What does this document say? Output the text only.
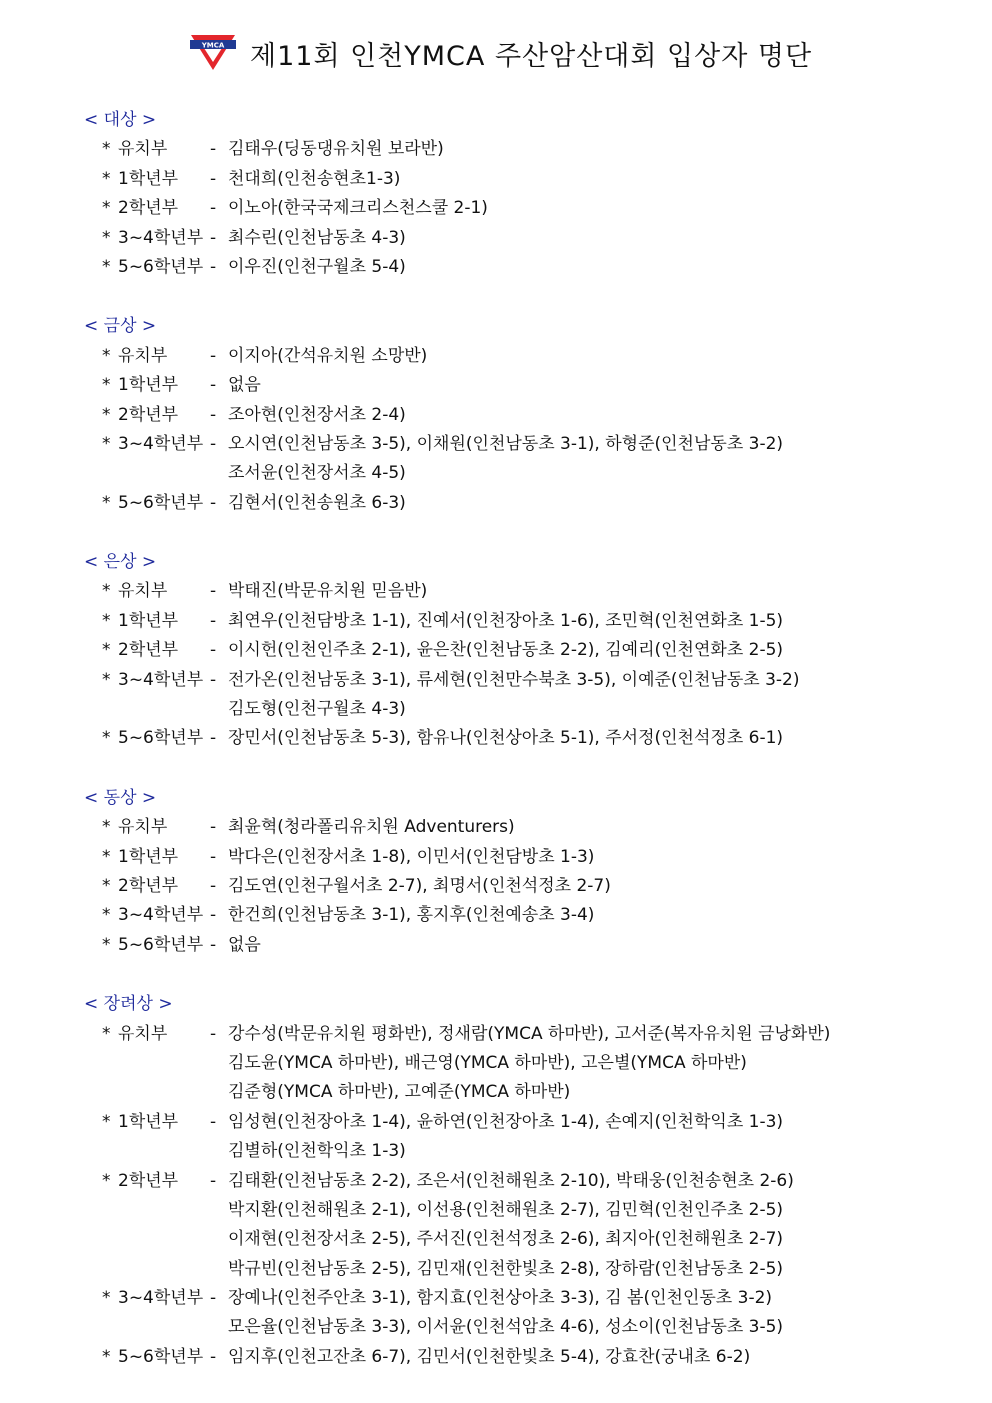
YMCA 제11회 인천YMCA 주산암산대회 입상자 명단
< 대상 >
* 유치부	- 김태우(딩동댕유치원 보라반)
* 1학년부 - 천대희(인천송현초1-3)
* 2학년부 - 이노아(한국국제크리스천스쿨 2-1)
* 3~4학년부 - 최수린(인천남동초 4-3)
* 5~6학년부 - 이우진(인천구월초 5-4)
< 금상 >
* 유치부	- 이지아(간석유치원 소망반)
* 1학년부 - 없음
* 2학년부 - 조아현(인천장서초 2-4)
* 3~4학년부 - 오시연(인천남동초 3-5), 이채원(인천남동초 3-1), 하형준(인천남동초 3-2)
조서윤(인천장서초 4-5)
* 5~6학년부 - 김현서(인천송원초 6-3)
< 은상 >
* 유치부	- 박태진(박문유치원 믿음반)
* 1학년부 - 최연우(인천담방초 1-1), 진예서(인천장아초 1-6), 조민혁(인천연화초 1-5)
* 2학년부 - 이시헌(인천인주초 2-1), 윤은찬(인천남동초 2-2), 김예리(인천연화초 2-5)
* 3~4학년부 - 전가온(인천남동초 3-1), 류세현(인천만수북초 3-5), 이예준(인천남동초 3-2)
김도형(인천구월초 4-3)
* 5~6학년부 - 장민서(인천남동초 5-3), 함유나(인천상아초 5-1), 주서정(인천석정초 6-1)
< 동상 >
* 유치부	- 최윤혁(청라폴리유치원 Adventurers)
* 1학년부 - 박다은(인천장서초 1-8), 이민서(인천담방초 1-3)
* 2학년부 - 김도연(인천구월서초 2-7), 최명서(인천석정초 2-7)
* 3~4학년부 - 한건희(인천남동초 3-1), 홍지후(인천예송초 3-4)
* 5~6학년부 - 없음
< 장려상 >
* 유치부	- 강수성(박문유치원 평화반), 정새람(YMCA 하마반), 고서준(복자유치원 금낭화반)
김도윤(YMCA 하마반), 배근영(YMCA 하마반), 고은별(YMCA 하마반)
김준형(YMCA 하마반), 고예준(YMCA 하마반)
* 1학년부 - 임성현(인천장아초 1-4), 윤하연(인천장아초 1-4), 손예지(인천학익초 1-3)
김별하(인천학익초 1-3)
* 2학년부 - 김태환(인천남동초 2-2), 조은서(인천해원초 2-10), 박태웅(인천송현초 2-6)
박지환(인천해원초 2-1), 이선용(인천해원초 2-7), 김민혁(인천인주초 2-5)
이재현(인천장서초 2-5), 주서진(인천석정초 2-6), 최지아(인천해원초 2-7)
박규빈(인천남동초 2-5), 김민재(인천한빛초 2-8), 장하람(인천남동초 2-5)
* 3~4학년부 - 장예나(인천주안초 3-1), 함지효(인천상아초 3-3), 김 봄(인천인동초 3-2)
모은율(인천남동초 3-3), 이서윤(인천석암초 4-6), 성소이(인천남동초 3-5)
* 5~6학년부 - 임지후(인천고잔초 6-7), 김민서(인천한빛초 5-4), 강효찬(궁내초 6-2)
